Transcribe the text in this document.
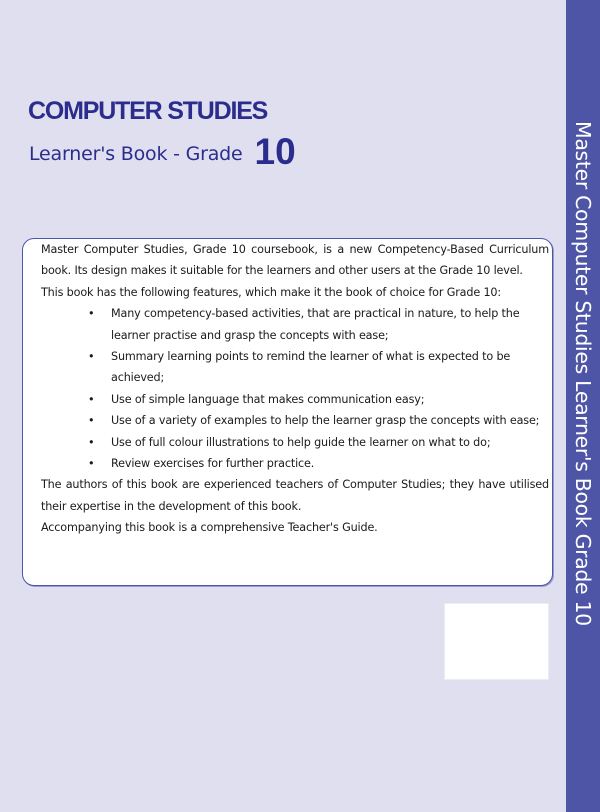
COMPUTER STUDIES
Learner's Book - Grade 10

Master Computer Studies, Grade 10 coursebook, is a new Competency-Based Curriculum book. Its design makes it suitable for the learners and other users at the Grade 10 level.

This book has the following features, which make it the book of choice for Grade 10:

• Many competency-based activities, that are practical in nature, to help the learner practise and grasp the concepts with ease;
• Summary learning points to remind the learner of what is expected to be achieved;
• Use of simple language that makes communication easy;
• Use of a variety of examples to help the learner grasp the concepts with ease;
• Use of full colour illustrations to help guide the learner on what to do;
• Review exercises for further practice.

The authors of this book are experienced teachers of Computer Studies; they have utilised their expertise in the development of this book.

Accompanying this book is a comprehensive Teacher's Guide.	Master Computer Studies Learner's Book Grade 10
